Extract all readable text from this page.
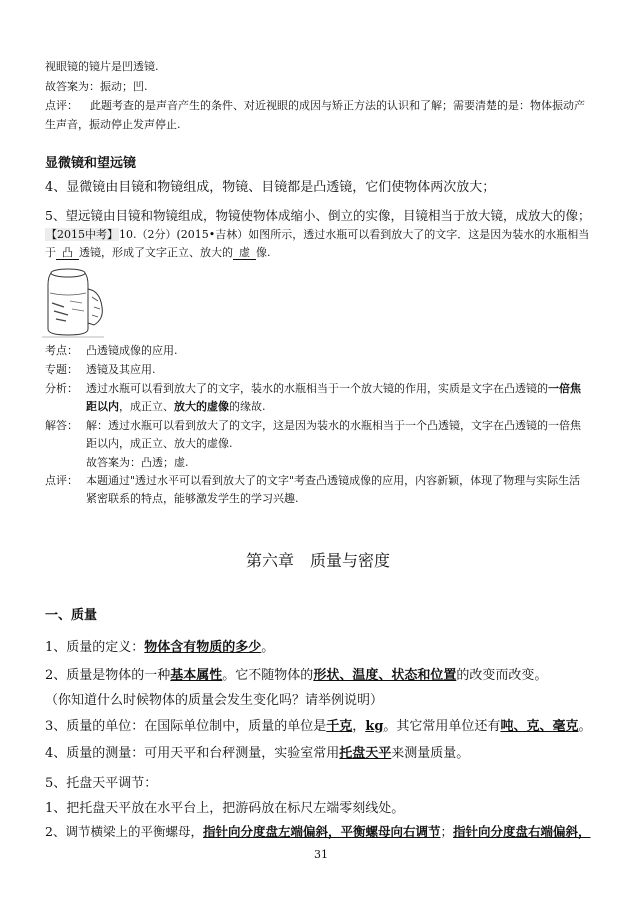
视眼镜的镜片是凹透镜.
故答案为：振动；凹.
点评： 此题考查的是声音产生的条件、对近视眼的成因与矫正方法的认识和了解；需要清楚的是：物体振动产
生声音，振动停止发声停止.
显微镜和望远镜
4、显微镜由目镜和物镜组成，物镜、目镜都是凸透镜，它们使物体两次放大；
5、望远镜由目镜和物镜组成，物镜使物体成缩小、倒立的实像，目镜相当于放大镜，成放大的像；
【2015中考】10.（2分）(2015•吉林）如图所示，透过水瓶可以看到放大了的文字．这是因为装水的水瓶相当
于 凸 透镜，形成了文字正立、放大的 虚 像.
考点： 凸透镜成像的应用.
专题： 透镜及其应用.
分析： 透过水瓶可以看到放大了的文字，装水的水瓶相当于一个放大镜的作用，实质是文字在凸透镜的一倍焦
距以内，成正立、放大的虚像的缘故.
解答： 解：透过水瓶可以看到放大了的文字，这是因为装水的水瓶相当于一个凸透镜，文字在凸透镜的一倍焦
距以内，成正立、放大的虚像.
故答案为：凸透；虚.
点评： 本题通过"透过水平可以看到放大了的文字"考查凸透镜成像的应用，内容新颖，体现了物理与实际生活
紧密联系的特点，能够激发学生的学习兴趣.
第六章　质量与密度
一、质量
1、质量的定义：物体含有物质的多少。
2、质量是物体的一种基本属性。它不随物体的形状、温度、状态和位置的改变而改变。
（你知道什么时候物体的质量会发生变化吗？请举例说明）
3、质量的单位：在国际单位制中，质量的单位是千克，kg。其它常用单位还有吨、克、毫克。
4、质量的测量：可用天平和台秤测量，实验室常用托盘天平来测量质量。
5、托盘天平调节：
1、把托盘天平放在水平台上，把游码放在标尺左端零刻线处。
2、调节横梁上的平衡螺母，指针向分度盘左端偏斜，平衡螺母向右调节；指针向分度盘右端偏斜，
31
